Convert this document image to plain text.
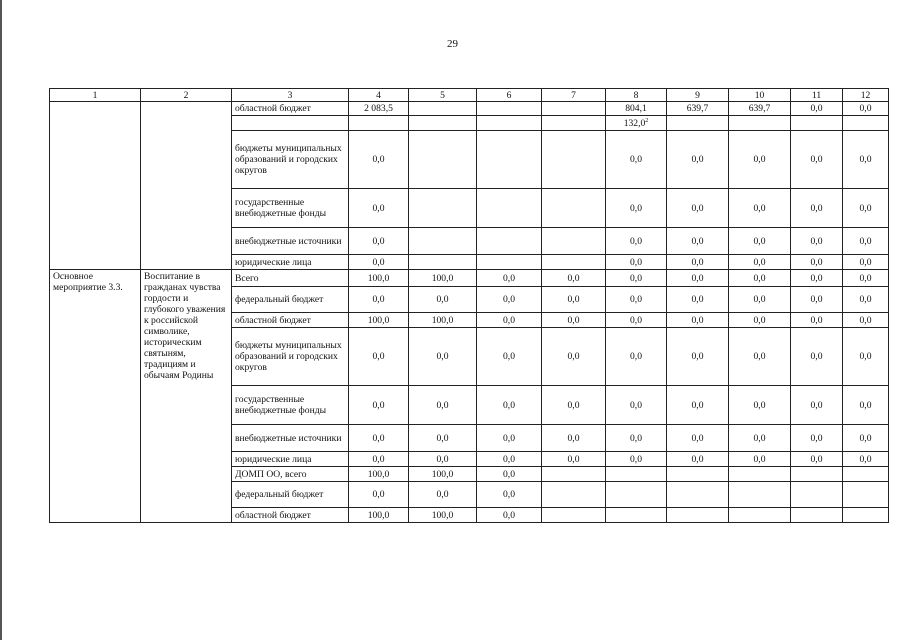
29
1	2	3	4	5	6	7	8	9	10	11	12
		областной бюджет	2 083,5				804,1	639,7	639,7	0,0	0,0
							132,0$^2$				
		бюджеты муниципальных образований и городских округов	0,0				0,0	0,0	0,0	0,0	0,0
		государственные внебюджетные фонды	0,0				0,0	0,0	0,0	0,0	0,0
		внебюджетные источники	0,0				0,0	0,0	0,0	0,0	0,0
		юридические лица	0,0				0,0	0,0	0,0	0,0	0,0
Основное мероприятие 3.3.	Воспитание в гражданах чувства гордости и глубокого уважения к российской символике, историческим святыням, традициям и обычаям Родины	Всего	100,0	100,0	0,0	0,0	0,0	0,0	0,0	0,0	0,0
		федеральный бюджет	0,0	0,0	0,0	0,0	0,0	0,0	0,0	0,0	0,0
		областной бюджет	100,0	100,0	0,0	0,0	0,0	0,0	0,0	0,0	0,0
		бюджеты муниципальных образований и городских округов	0,0	0,0	0,0	0,0	0,0	0,0	0,0	0,0	0,0
		государственные внебюджетные фонды	0,0	0,0	0,0	0,0	0,0	0,0	0,0	0,0	0,0
		внебюджетные источники	0,0	0,0	0,0	0,0	0,0	0,0	0,0	0,0	0,0
		юридические лица	0,0	0,0	0,0	0,0	0,0	0,0	0,0	0,0	0,0
		ДОМП ОО, всего	100,0	100,0	0,0						
		федеральный бюджет	0,0	0,0	0,0						
		областной бюджет	100,0	100,0	0,0						
